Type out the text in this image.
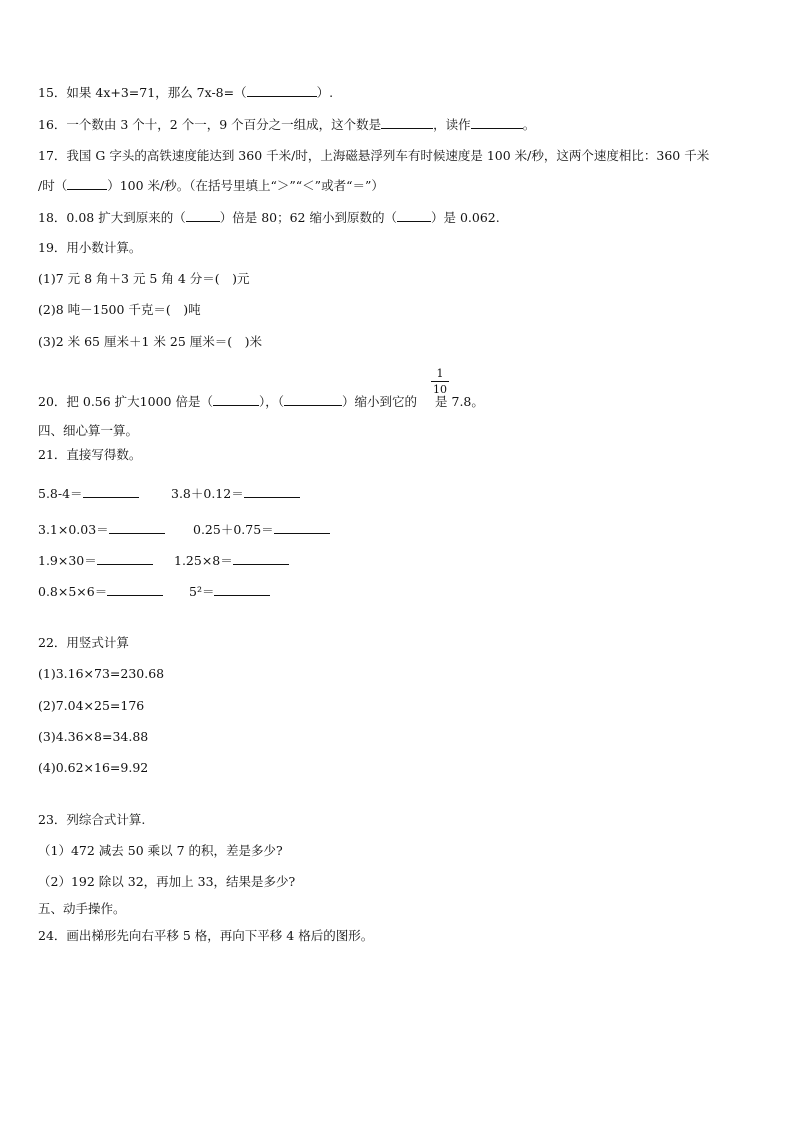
15．如果 4x+3=71，那么 7x-8=（	）.
16．一个数由 3 个十，2 个一，9 个百分之一组成，这个数是	，读作	。
17．我国 G 字头的高铁速度能达到 360 千米/时，上海磁悬浮列车有时候速度是 100 米/秒，这两个速度相比：360 千米
/时（	）100 米/秒。（在括号里填上“＞”“＜”或者“＝”）
18．0.08 扩大到原来的（	）倍是 80；62 缩小到原数的（	）是 0.062.
19．用小数计算。
(1)7 元 8 角＋3 元 5 角 4 分＝(　)元
(2)8 吨－1500 千克＝(　)吨
(3)2 米 65 厘米＋1 米 25 厘米＝(　)米
20．把 0.56 扩大1000 倍是（	），（	）缩小到它的 是 7.8。
$\frac{1}{10}$
四、细心算一算。
21．直接写得数。
5.8-4＝	3.8＋0.12＝
3.1×0.03＝	0.25＋0.75＝
1.9×30＝	1.25×8＝
0.8×5×6＝	5²＝
22．用竖式计算
(1)3.16×73=230.68
(2)7.04×25=176
(3)4.36×8=34.88
(4)0.62×16=9.92
23．列综合式计算.
（1）472 减去 50 乘以 7 的积，差是多少?
（2）192 除以 32，再加上 33，结果是多少?
五、动手操作。
24．画出梯形先向右平移 5 格，再向下平移 4 格后的图形。
